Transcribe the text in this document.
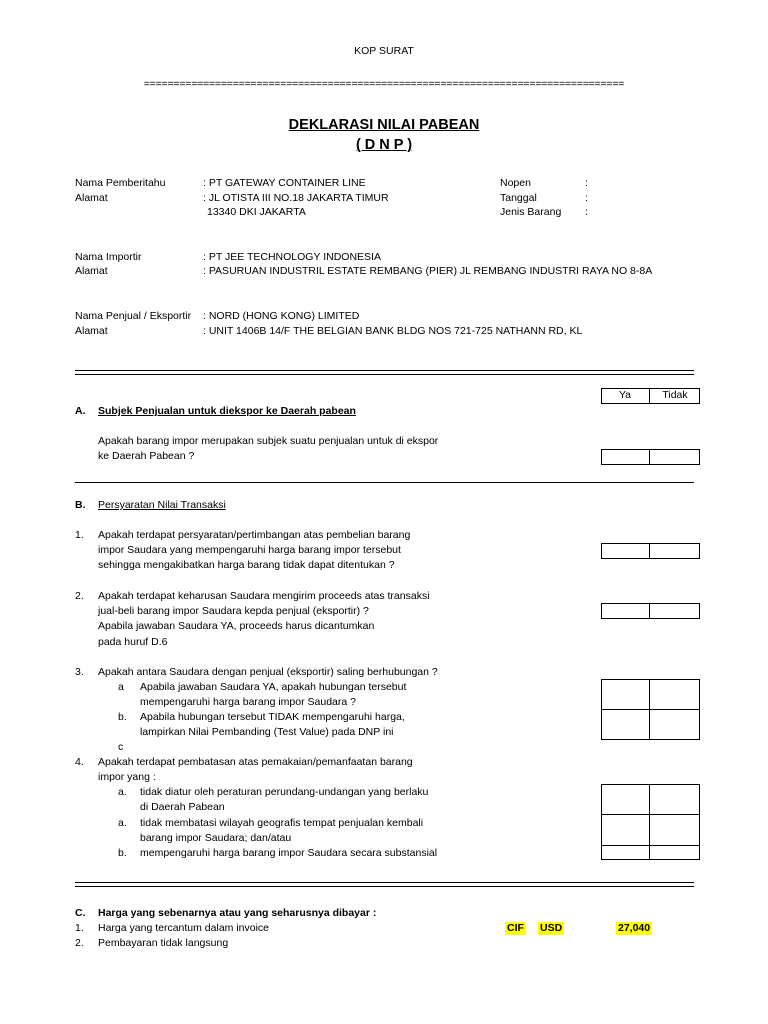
KOP SURAT
=================================================================================
DEKLARASI NILAI PABEAN
( D N P )
Nama Pemberitahu	: PT GATEWAY CONTAINER LINE
Alamat	: JL OTISTA III NO.18 JAKARTA TIMUR
13340 DKI JAKARTA
Nopen	:
Tanggal	:
Jenis Barang :
Nama Importir	: PT JEE TECHNOLOGY INDONESIA
Alamat	: PASURUAN INDUSTRIL ESTATE REMBANG (PIER) JL REMBANG INDUSTRI RAYA NO 8-8A
Nama Penjual / Eksportir : NORD (HONG KONG) LIMITED
Alamat	: UNIT 1406B 14/F THE BELGIAN BANK BLDG NOS 721-725 NATHANN RD, KL
Ya	Tidak
A. Subjek Penjualan untuk diekspor ke Daerah pabean
Apakah barang impor merupakan subjek suatu penjualan untuk di ekspor
ke Daerah Pabean ?
B. Persyaratan Nilai Transaksi
1. Apakah terdapat persyaratan/pertimbangan atas pembelian barang
impor Saudara yang mempengaruhi harga barang impor tersebut
sehingga mengakibatkan harga barang tidak dapat ditentukan ?
2. Apakah terdapat keharusan Saudara mengirim proceeds atas transaksi
jual-beli barang impor Saudara kepda penjual (eksportir) ?
Apabila jawaban Saudara YA, proceeds harus dicantumkan
pada huruf D.6
3. Apakah antara Saudara dengan penjual (eksportir) saling berhubungan ?
a Apabila jawaban Saudara YA, apakah hubungan tersebut
mempengaruhi harga barang impor Saudara ?
b. Apabila hubungan tersebut TIDAK mempengaruhi harga,
lampirkan Nilai Pembanding (Test Value) pada DNP ini
c
4. Apakah terdapat pembatasan atas pemakaian/pemanfaatan barang
impor yang :
a. tidak diatur oleh peraturan perundang-undangan yang berlaku
di Daerah Pabean
a. tidak membatasi wilayah geografis tempat penjualan kembali
barang impor Saudara; dan/atau
b. mempengaruhi harga barang impor Saudara secara substansial
C. Harga yang sebenarnya atau yang seharusnya dibayar :
1. Harga yang tercantum dalam invoice	CIF USD	27,040
2. Pembayaran tidak langsung
